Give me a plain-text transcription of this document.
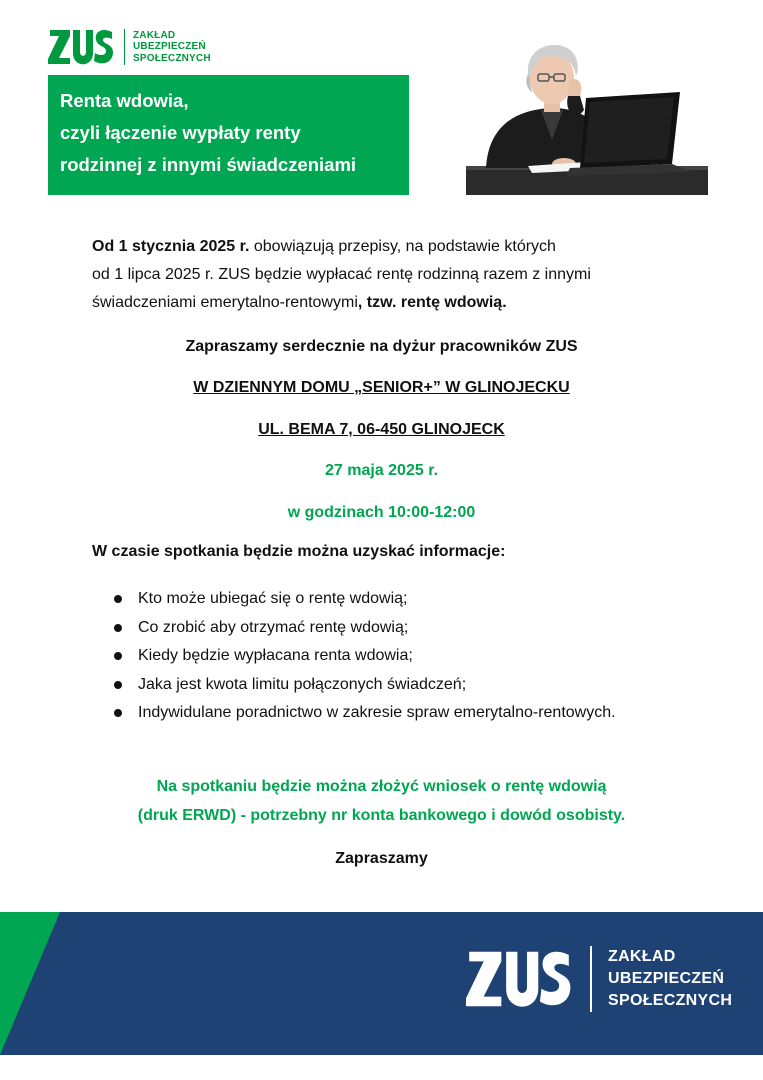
ZAKŁAD
UBEZPIECZEŃ
SPOŁECZNYCH
Renta wdowia,
czyli łączenie wypłaty renty
rodzinnej z innymi świadczeniami
Od 1 stycznia 2025 r. obowiązują przepisy, na podstawie których
od 1 lipca 2025 r. ZUS będzie wypłacać rentę rodzinną razem z innymi
świadczeniami emerytalno-rentowymi, tzw. rentę wdowią.
Zapraszamy serdecznie na dyżur pracowników ZUS
W DZIENNYM DOMU „SENIOR+” W GLINOJECKU
UL. BEMA 7, 06-450 GLINOJECK
27 maja 2025 r.
w godzinach 10:00-12:00
W czasie spotkania będzie można uzyskać informacje:
Kto może ubiegać się o rentę wdowią;
Co zrobić aby otrzymać rentę wdowią;
Kiedy będzie wypłacana renta wdowia;
Jaka jest kwota limitu połączonych świadczeń;
Indywidulane poradnictwo w zakresie spraw emerytalno-rentowych.
Na spotkaniu będzie można złożyć wniosek o rentę wdowią
(druk ERWD) - potrzebny nr konta bankowego i dowód osobisty.
Zapraszamy
ZAKŁAD
UBEZPIECZEŃ
SPOŁECZNYCH
